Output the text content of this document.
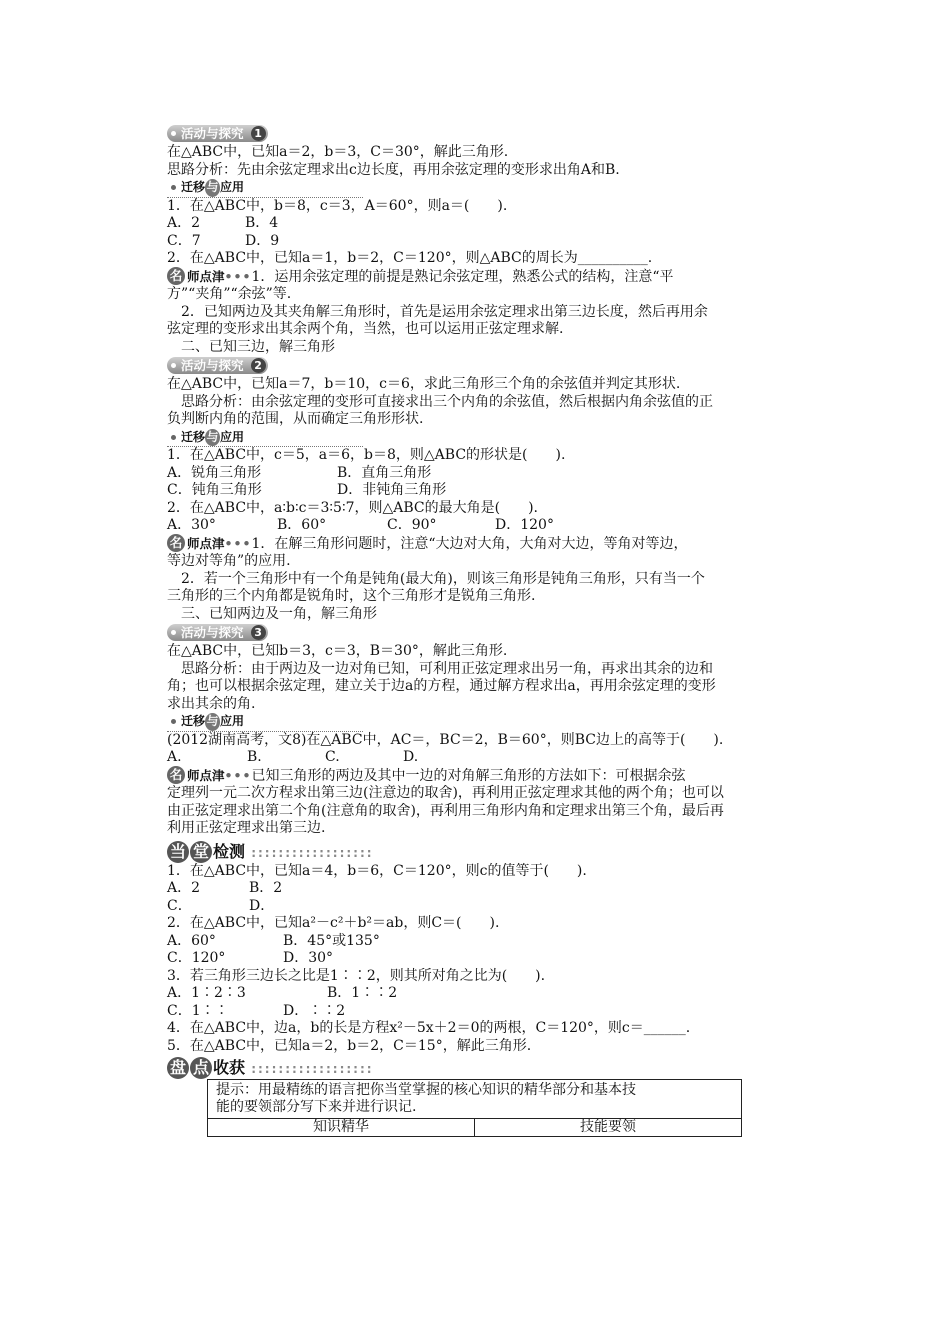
活动与探究 1
在△ABC中，已知a＝2，b＝3，C＝30°，解此三角形.
思路分析：先由余弦定理求出c边长度，再用余弦定理的变形求出角A和B.
迁移与 应用
1．在△ABC中，b＝8，c＝3，A＝60°，则a＝(　　).
A．2	B．4
C．7	D．9
2．在△ABC中，已知a＝1，b＝2，C＝120°，则△ABC的周长为__________.
名 师点津•••1．运用余弦定理的前提是熟记余弦定理，熟悉公式的结构，注意“平
方”“夹角”“余弦”等.
2．已知两边及其夹角解三角形时，首先是运用余弦定理求出第三边长度，然后再用余
弦定理的变形求出其余两个角，当然，也可以运用正弦定理求解.
二、已知三边，解三角形
活动与探究 2
在△ABC中，已知a＝7，b＝10，c＝6，求此三角形三个角的余弦值并判定其形状.
思路分析：由余弦定理的变形可直接求出三个内角的余弦值，然后根据内角余弦值的正
负判断内角的范围，从而确定三角形形状.
迁移与 应用
1．在△ABC中，c＝5，a＝6，b＝8，则△ABC的形状是(　　).
A．锐角三角形	B．直角三角形
C．钝角三角形	D．非钝角三角形
2．在△ABC中，a∶b∶c＝3∶5∶7，则△ABC的最大角是(　　).
A．30°	B．60°	C．90°	D．120°
名 师点津•••1．在解三角形问题时，注意“大边对大角，大角对大边，等角对等边，
等边对等角”的应用.
2．若一个三角形中有一个角是钝角(最大角)，则该三角形是钝角三角形，只有当一个
三角形的三个内角都是锐角时，这个三角形才是锐角三角形.
三、已知两边及一角，解三角形
活动与探究 3
在△ABC中，已知b＝3，c＝3，B＝30°，解此三角形.
思路分析：由于两边及一边对角已知，可利用正弦定理求出另一角，再求出其余的边和
角；也可以根据余弦定理，建立关于边a的方程，通过解方程求出a，再用余弦定理的变形
求出其余的角.
迁移与 应用
(2012湖南高考，文8)在△ABC中，AC＝，BC＝2，B＝60°，则BC边上的高等于(　　).
A.	B.	C.	D.
名 师点津•••已知三角形的两边及其中一边的对角解三角形的方法如下：可根据余弦
定理列一元二次方程求出第三边(注意边的取舍)，再利用正弦定理求其他的两个角；也可以
由正弦定理求出第二个角(注意角的取舍)，再利用三角形内角和定理求出第三个角，最后再
利用正弦定理求出第三边.
当 堂 检测 ::::::::::::::::::
1．在△ABC中，已知a＝4，b＝6，C＝120°，则c的值等于(　　).
A．2	B．2
C．	D．
2．在△ABC中，已知a²－c²＋b²＝ab，则C＝(　　).
A．60°	B．45°或135°
C．120°	D．30°
3．若三角形三边长之比是1∶∶2，则其所对角之比为(　　).
A．1∶2∶3	B．1∶∶2
C．1∶∶	D．∶∶2
4．在△ABC中，边a，b的长是方程x²－5x＋2＝0的两根，C＝120°，则c＝______.
5．在△ABC中，已知a＝2，b＝2，C＝15°，解此三角形.
盘 点 收获 ::::::::::::::::::
提示：用最精练的语言把你当堂掌握的核心知识的精华部分和基本技
能的要领部分写下来并进行识记.

知识精华	技能要领
